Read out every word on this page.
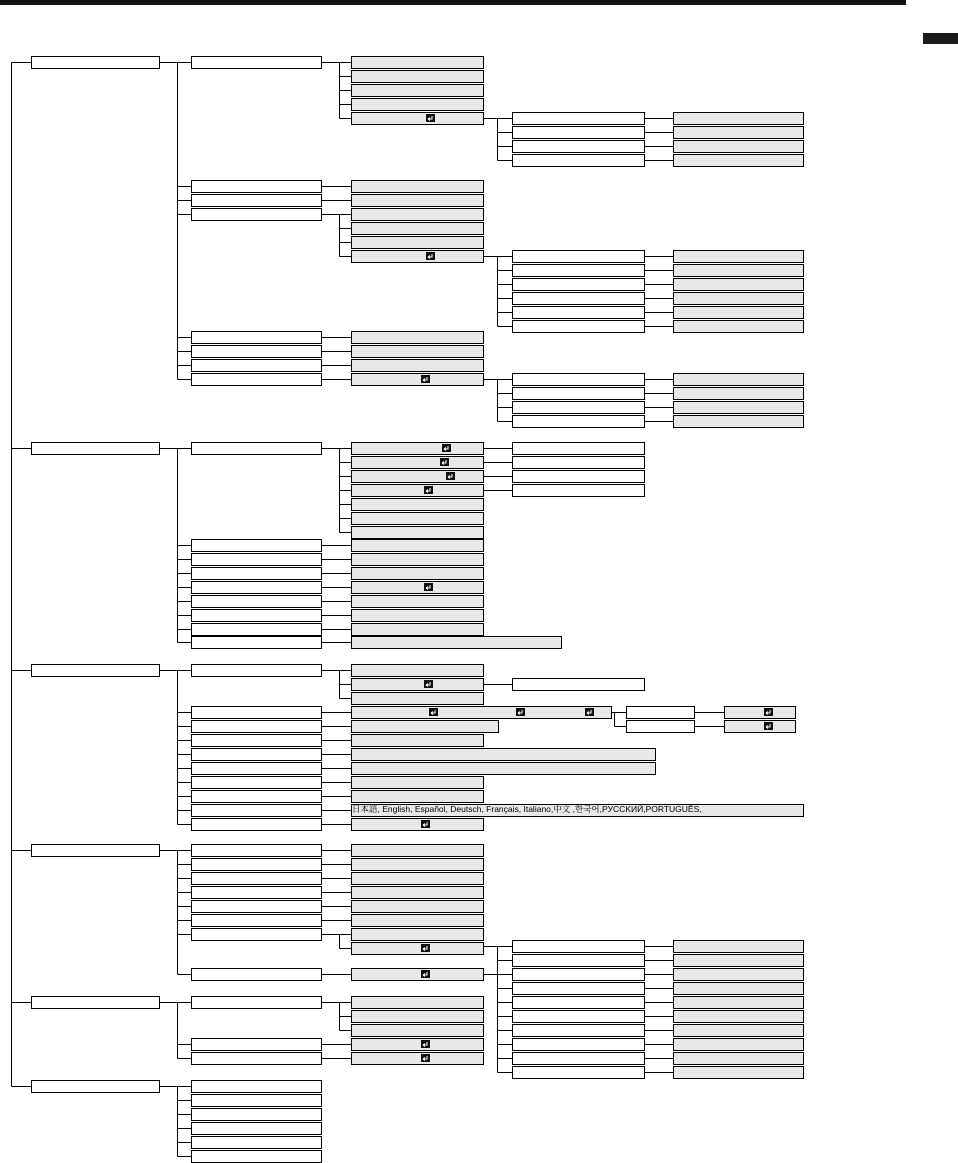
日本語, English, Español, Deutsch, Français, Italiano,中文 ,한국어,PУCCKИЙ,PORTUGUÊS,
